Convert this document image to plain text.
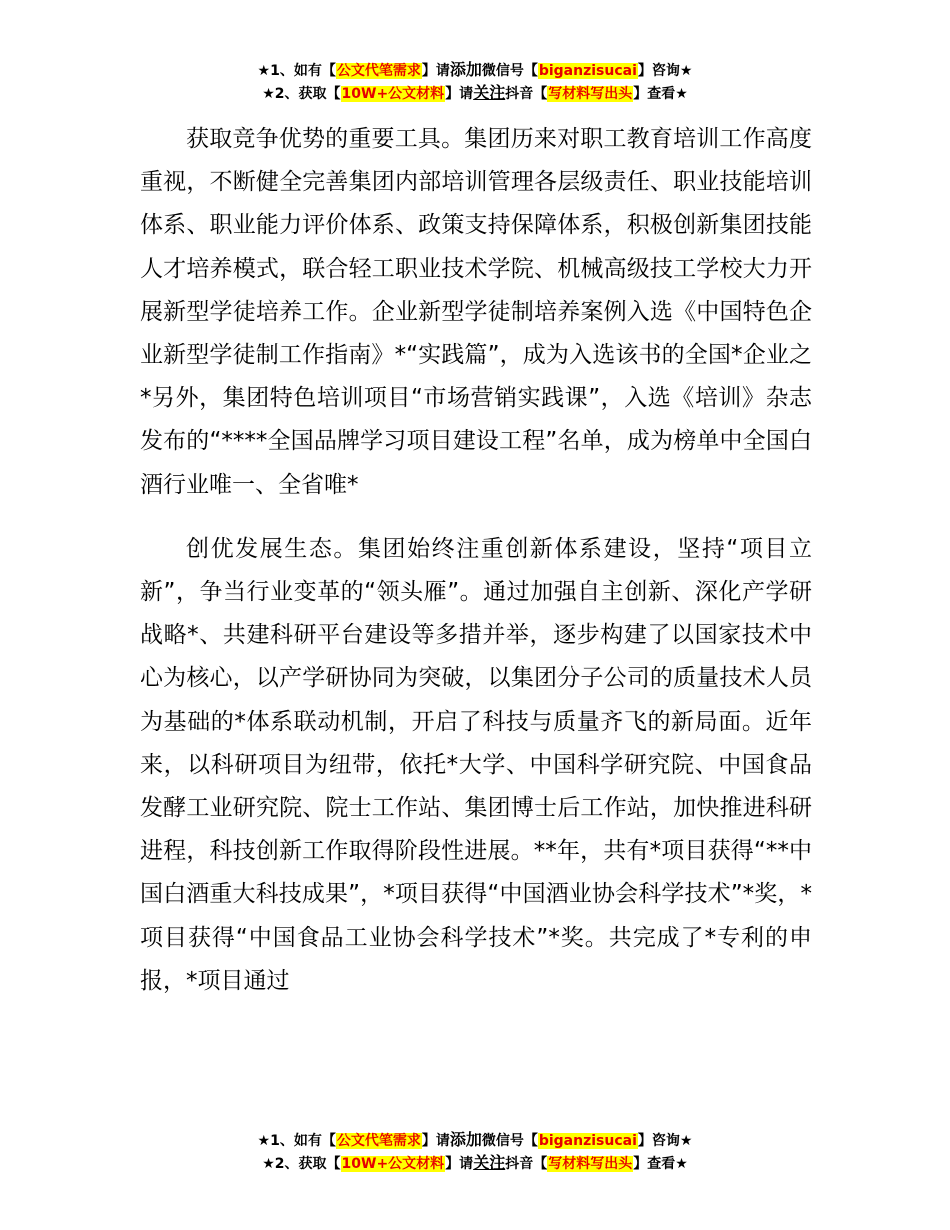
★1、如有【公文代笔需求】请添加微信号【biganzisucai】咨询★
★2、获取【10W+公文材料】请关注抖音【写材料写出头】查看★

获取竞争优势的重要工具。集团历来对职工教育培训工作高度重视，不断健全完善集团内部培训管理各层级责任、职业技能培训体系、职业能力评价体系、政策支持保障体系，积极创新集团技能人才培养模式，联合轻工职业技术学院、机械高级技工学校大力开展新型学徒培养工作。企业新型学徒制培养案例入选《中国特色企业新型学徒制工作指南》*“实践篇”，成为入选该书的全国*企业之*另外，集团特色培训项目“市场营销实践课”，入选《培训》杂志发布的“****全国品牌学习项目建设工程”名单，成为榜单中全国白酒行业唯一、全省唯*

创优发展生态。集团始终注重创新体系建设，坚持“项目立新”，争当行业变革的“领头雁”。通过加强自主创新、深化产学研战略*、共建科研平台建设等多措并举，逐步构建了以国家技术中心为核心，以产学研协同为突破，以集团分子公司的质量技术人员为基础的*体系联动机制，开启了科技与质量齐飞的新局面。近年来，以科研项目为纽带，依托*大学、中国科学研究院、中国食品发酵工业研究院、院士工作站、集团博士后工作站，加快推进科研进程，科技创新工作取得阶段性进展。**年，共有*项目获得“**中国白酒重大科技成果”，*项目获得“中国酒业协会科学技术”*奖，*项目获得“中国食品工业协会科学技术”*奖。共完成了*专利的申报，*项目通过

★1、如有【公文代笔需求】请添加微信号【biganzisucai】咨询★
★2、获取【10W+公文材料】请关注抖音【写材料写出头】查看★
